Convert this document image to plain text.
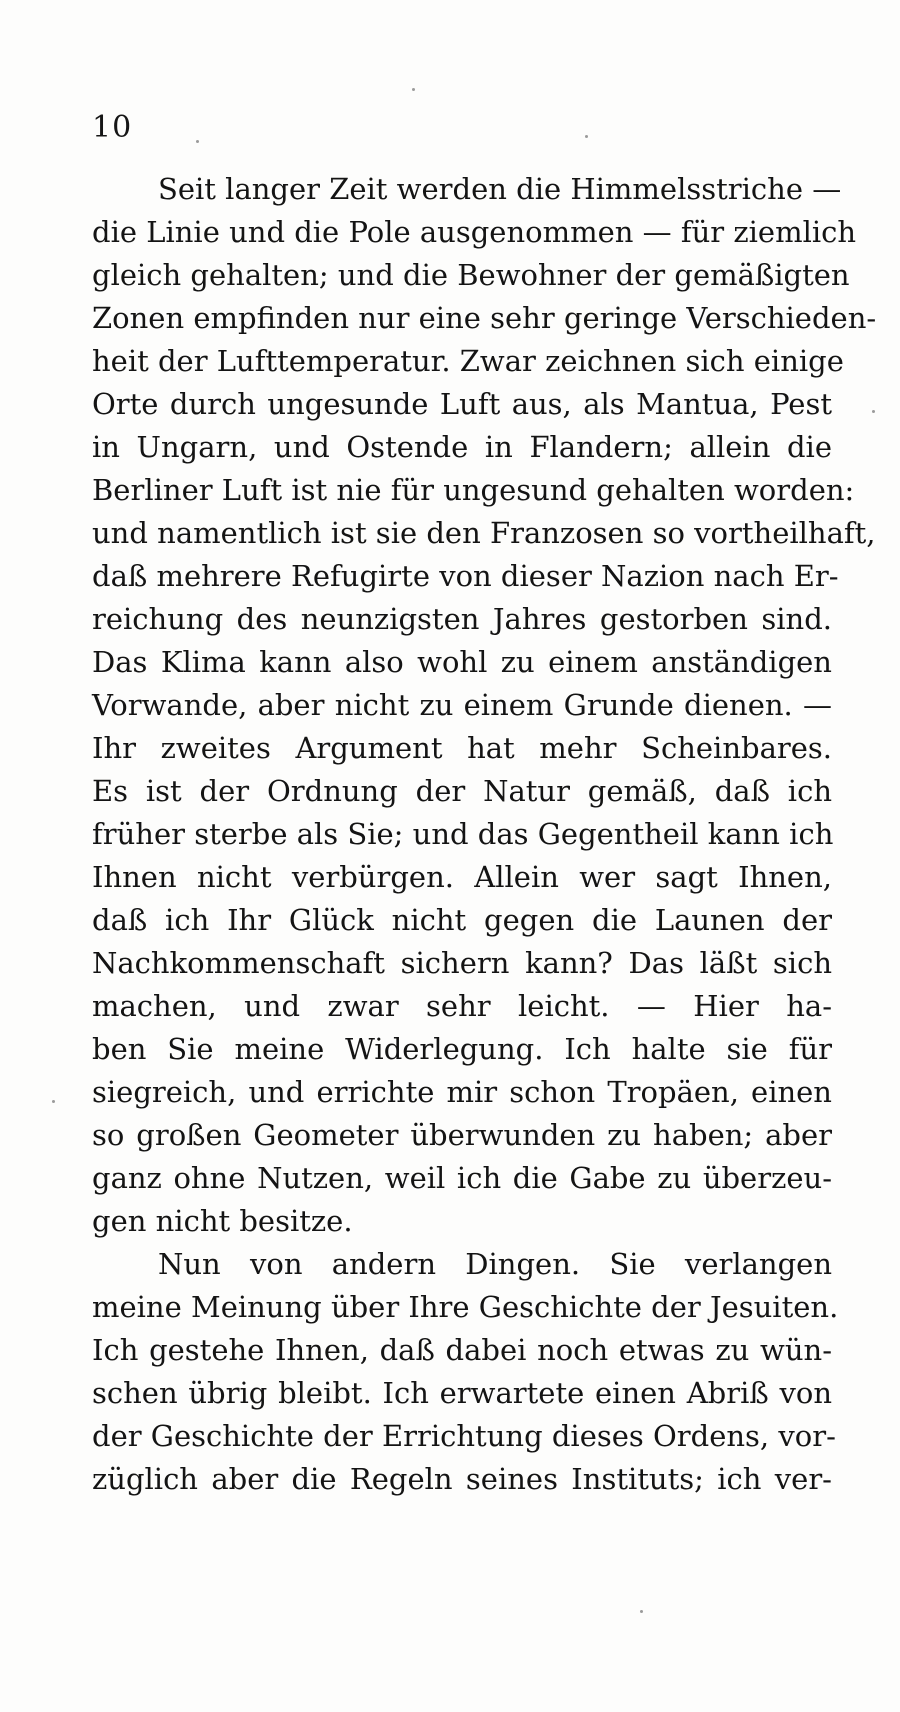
10
Seit langer Zeit werden die Himmelsstriche —
die Linie und die Pole ausgenommen — für ziemlich
gleich gehalten; und die Bewohner der gemäßigten
Zonen empfinden nur eine sehr geringe Verschieden-
heit der Lufttemperatur. Zwar zeichnen sich einige
Orte durch ungesunde Luft aus, als Mantua, Pest
in Ungarn, und Ostende in Flandern; allein die
Berliner Luft ist nie für ungesund gehalten worden:
und namentlich ist sie den Franzosen so vortheilhaft,
daß mehrere Refugirte von dieser Nazion nach Er-
reichung des neunzigsten Jahres gestorben sind.
Das Klima kann also wohl zu einem anständigen
Vorwande, aber nicht zu einem Grunde dienen. —
Ihr zweites Argument hat mehr Scheinbares.
Es ist der Ordnung der Natur gemäß, daß ich
früher sterbe als Sie; und das Gegentheil kann ich
Ihnen nicht verbürgen. Allein wer sagt Ihnen,
daß ich Ihr Glück nicht gegen die Launen der
Nachkommenschaft sichern kann? Das läßt sich
machen, und zwar sehr leicht. — Hier ha-
ben Sie meine Widerlegung. Ich halte sie für
siegreich, und errichte mir schon Tropäen, einen
so großen Geometer überwunden zu haben; aber
ganz ohne Nutzen, weil ich die Gabe zu überzeu-
gen nicht besitze.
Nun von andern Dingen. Sie verlangen
meine Meinung über Ihre Geschichte der Jesuiten.
Ich gestehe Ihnen, daß dabei noch etwas zu wün-
schen übrig bleibt. Ich erwartete einen Abriß von
der Geschichte der Errichtung dieses Ordens, vor-
züglich aber die Regeln seines Instituts; ich ver-
